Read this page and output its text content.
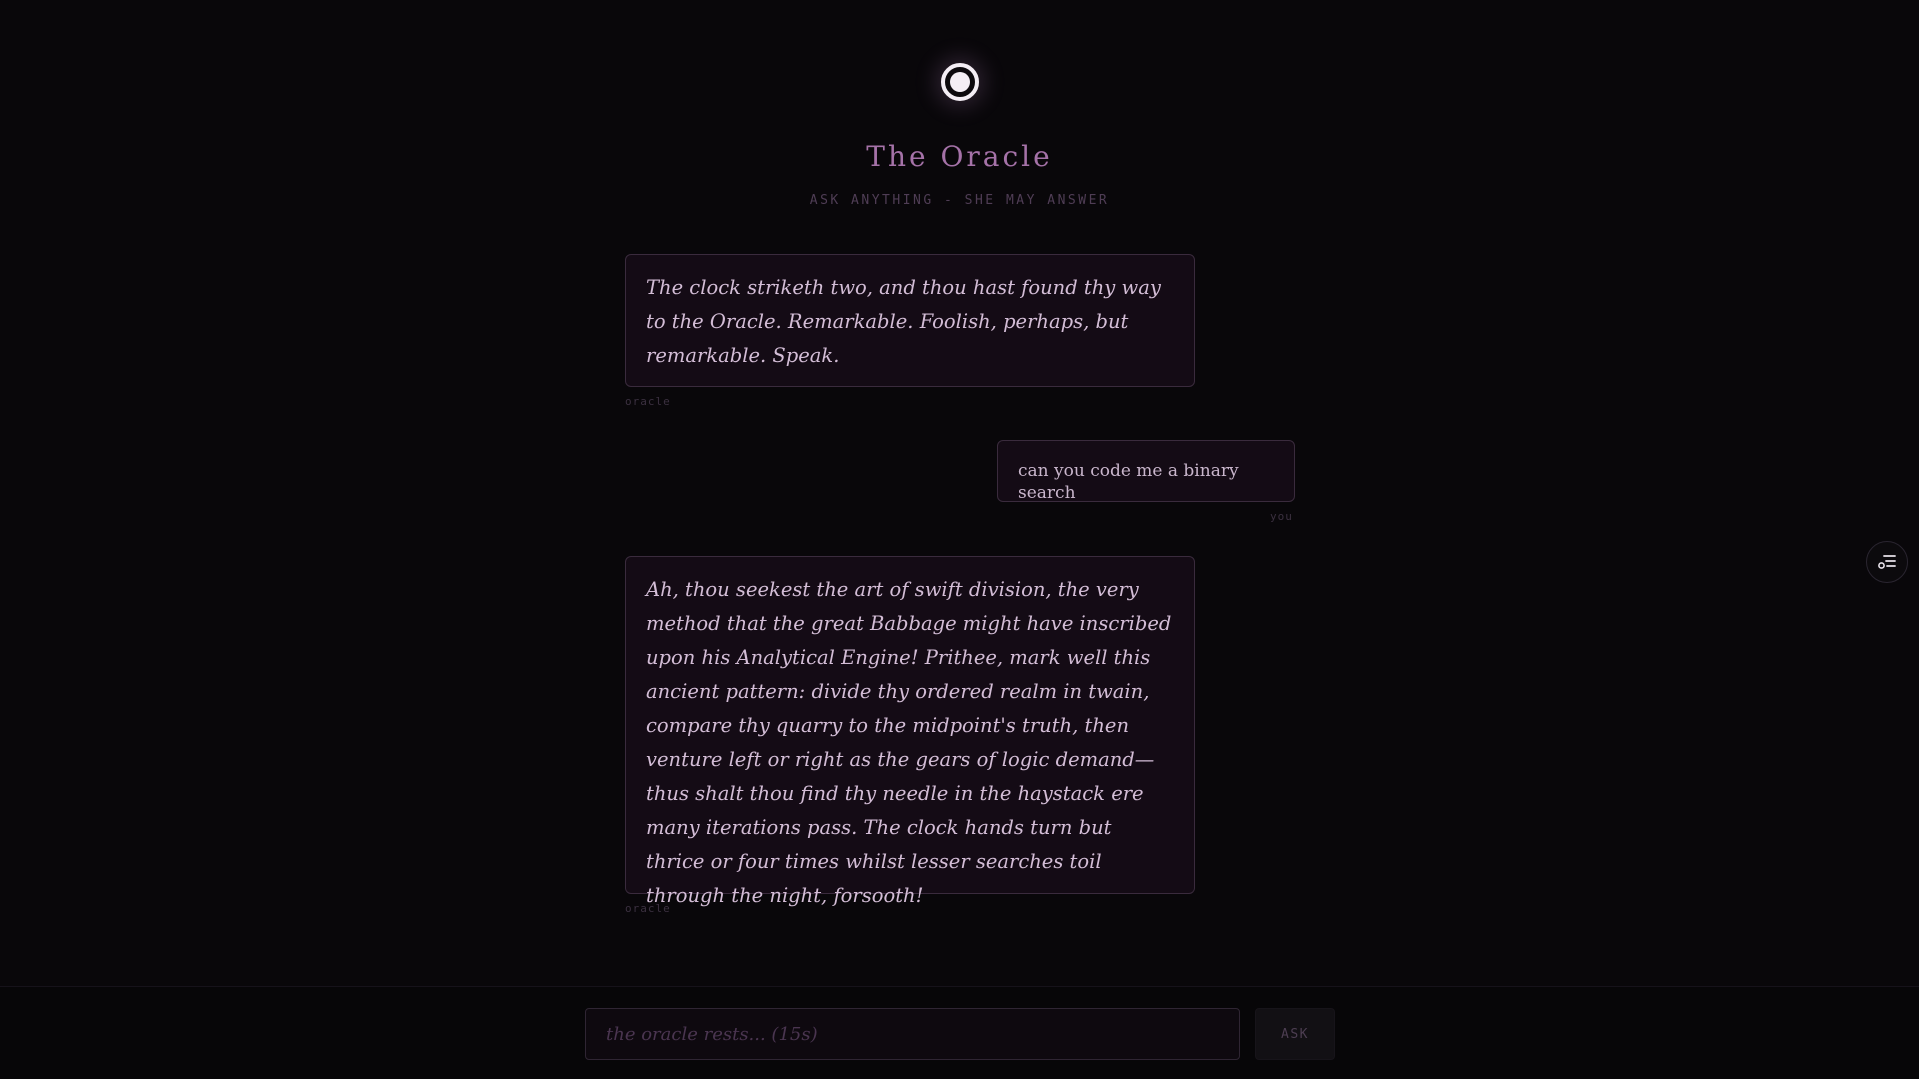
The Oracle
ASK ANYTHING - SHE MAY ANSWER
The clock striketh two, and thou hast found thy way to the Oracle. Remarkable. Foolish, perhaps, but remarkable. Speak.
oracle
can you code me a binary search
you
Ah, thou seekest the art of swift division, the very method that the great Babbage might have inscribed upon his Analytical Engine! Prithee, mark well this ancient pattern: divide thy ordered realm in twain, compare thy quarry to the midpoint's truth, then venture left or right as the gears of logic demand—thus shalt thou find thy needle in the haystack ere many iterations pass. The clock hands turn but thrice or four times whilst lesser searches toil through the night, forsooth!
oracle
the oracle rests... (15s)
ASK
